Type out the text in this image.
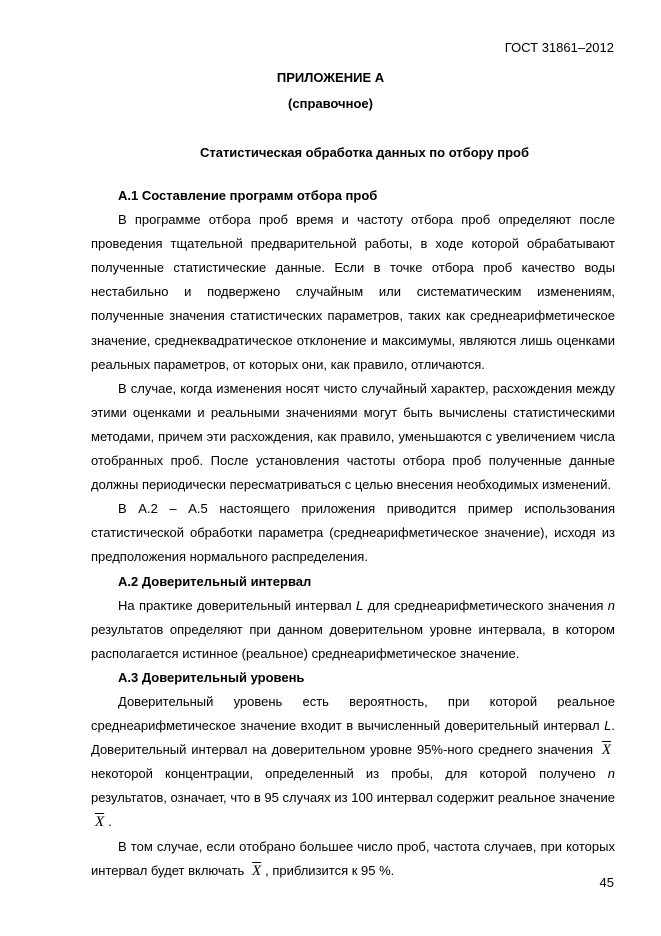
ГОСТ 31861–2012
ПРИЛОЖЕНИЕ А
(справочное)
Статистическая обработка данных по отбору проб
А.1 Составление программ отбора проб

В программе отбора проб время и частоту отбора проб определяют после проведения тщательной предварительной работы, в ходе которой обрабатывают полученные статистические данные. Если в точке отбора проб качество воды нестабильно и подвержено случайным или систематическим изменениям, полученные значения статистических параметров, таких как среднеарифметическое значение, среднеквадратическое отклонение и максимумы, являются лишь оценками реальных параметров, от которых они, как правило, отличаются.

В случае, когда изменения носят чисто случайный характер, расхождения между этими оценками и реальными значениями могут быть вычислены статистическими методами, причем эти расхождения, как правило, уменьшаются с увеличением числа отобранных проб. После установления частоты отбора проб полученные данные должны периодически пересматриваться с целью внесения необходимых изменений.

В А.2 – А.5 настоящего приложения приводится пример использования статистической обработки параметра (среднеарифметическое значение), исходя из предположения нормального распределения.

А.2 Доверительный интервал

На практике доверительный интервал L для среднеарифметического значения n результатов определяют при данном доверительном уровне интервала, в котором располагается истинное (реальное) среднеарифметическое значение.

А.3 Доверительный уровень

Доверительный уровень есть вероятность, при которой реальное среднеарифметическое значение входит в вычисленный доверительный интервал L. Доверительный интервал на доверительном уровне 95%-ного среднего значения $\overline{X}$ некоторой концентрации, определенный из пробы, для которой получено n результатов, означает, что в 95 случаях из 100 интервал содержит реальное значение $\overline{X}$ .

В том случае, если отобрано большее число проб, частота случаев, при которых интервал будет включать $\overline{X}$ , приблизится к 95 %.

45
